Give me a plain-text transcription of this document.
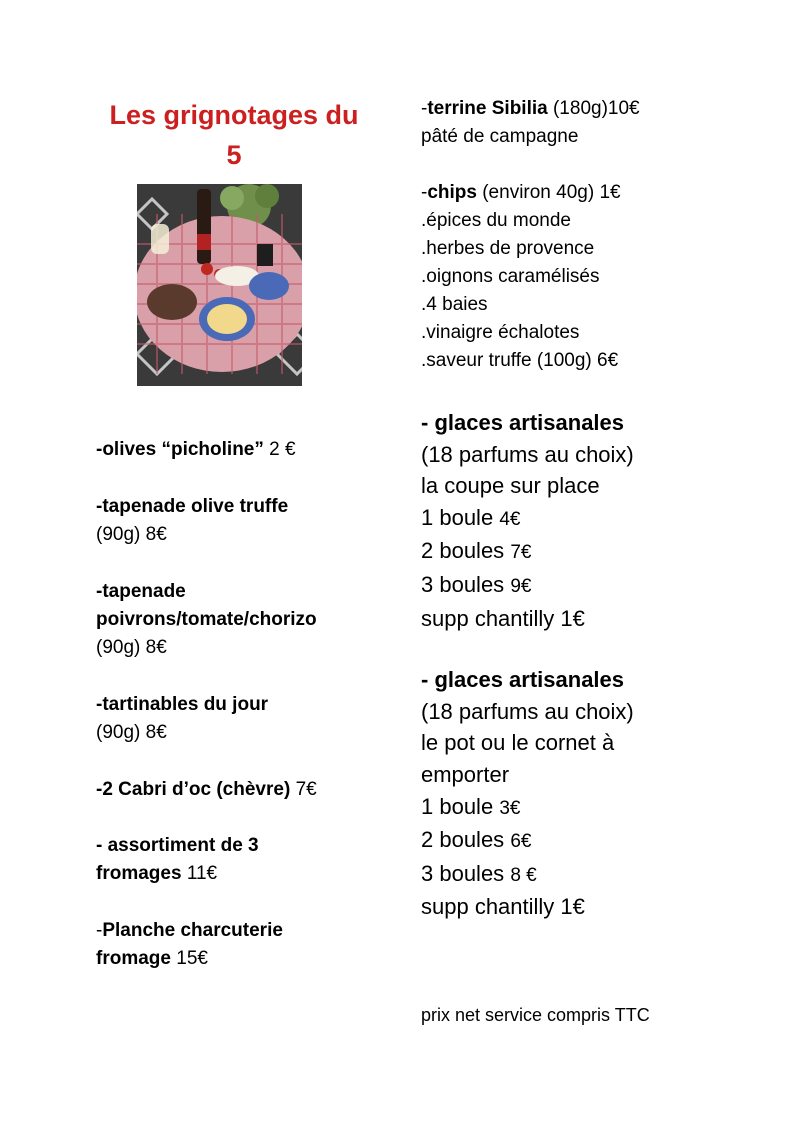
Les grignotages du
5
-olives “picholine” 2 €
-tapenade olive truffe
(90g) 8€
-tapenade
poivrons/tomate/chorizo
(90g) 8€
-tartinables du jour
(90g) 8€
-2 Cabri d’oc (chèvre) 7€
- assortiment de 3
fromages 11€
-Planche charcuterie
fromage 15€

-terrine Sibilia (180g)10€

pâté de campagne

-chips (environ 40g) 1€

.épices du monde

.herbes de provence

.oignons caramélisés

.4 baies

.vinaigre échalotes

.saveur truffe (100g) 6€

- glaces artisanales

(18 parfums au choix)

la coupe sur place

1 boule 4€

2 boules 7€

3 boules 9€

supp chantilly 1€

- glaces artisanales

(18 parfums au choix)

le pot ou le cornet à

emporter

1 boule 3€

2 boules 6€

3 boules 8 €

supp chantilly 1€

prix net service compris TTC
